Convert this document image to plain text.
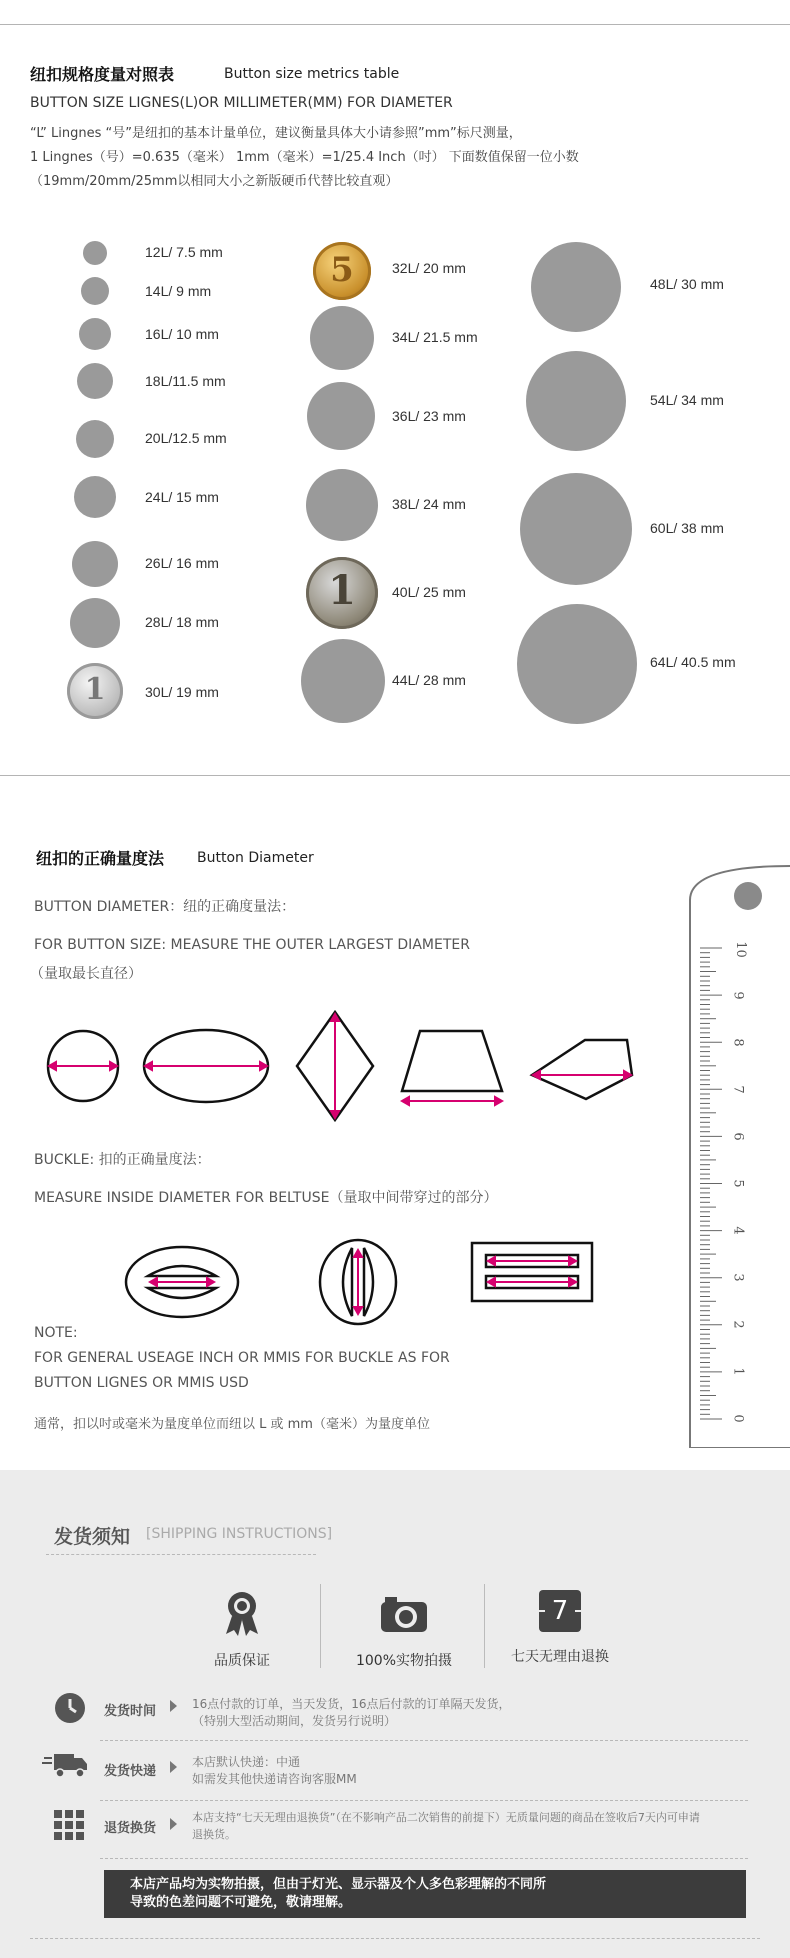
纽扣规格度量对照表	Button size metrics table
BUTTON SIZE LIGNES(L)OR MILLIMETER(MM) FOR DIAMETER
“L” Lingnes “号”是纽扣的基本计量单位，建议衡量具体大小请参照”mm”标尺测量，
1 Lingnes（号）=0.635（毫米） 1mm（毫米）=1/25.4 Inch（吋） 下面数值保留一位小数
（19mm/20mm/25mm以相同大小之新版硬币代替比较直观）
12L/ 7.5 mm
14L/ 9 mm
16L/ 10 mm
18L/11.5 mm
20L/12.5 mm
24L/ 15 mm
26L/ 16 mm
28L/ 18 mm
1	30L/ 19 mm
5	32L/ 20 mm
34L/ 21.5 mm
36L/ 23 mm
38L/ 24 mm
1	40L/ 25 mm
44L/ 28 mm
48L/ 30 mm
54L/ 34 mm
60L/ 38 mm
64L/ 40.5 mm
纽扣的正确量度法 Button Diameter
BUTTON DIAMETER：纽的正确度量法：
FOR BUTTON SIZE: MEASURE THE OUTER LARGEST DIAMETER
（量取最长直径）
BUCKLE: 扣的正确量度法：
MEASURE INSIDE DIAMETER FOR BELTUSE（量取中间带穿过的部分）
NOTE:
FOR GENERAL USEAGE INCH OR MMIS FOR BUCKLE AS FOR
BUTTON LIGNES OR MMIS USD
通常，扣以吋或毫米为量度单位而纽以 L 或 mm（毫米）为量度单位
10
9
8
7
6
5
4
3
2
1
0
发货须知 [SHIPPING INSTRUCTIONS]
品质保证	100%实物拍摄
7
七天无理由退换
发货时间	16点付款的订单，当天发货，16点后付款的订单隔天发货，
（特别大型活动期间，发货另行说明）
发货快递
本店默认快递：中通
如需发其他快递请咨询客服MM
退货换货
本店支持“七天无理由退换货”（在不影响产品二次销售的前提下）无质量问题的商品在签收后7天内可申请
退换货。
本店产品均为实物拍摄，但由于灯光、显示器及个人多色彩理解的不同所
导致的色差问题不可避免，敬请理解。
